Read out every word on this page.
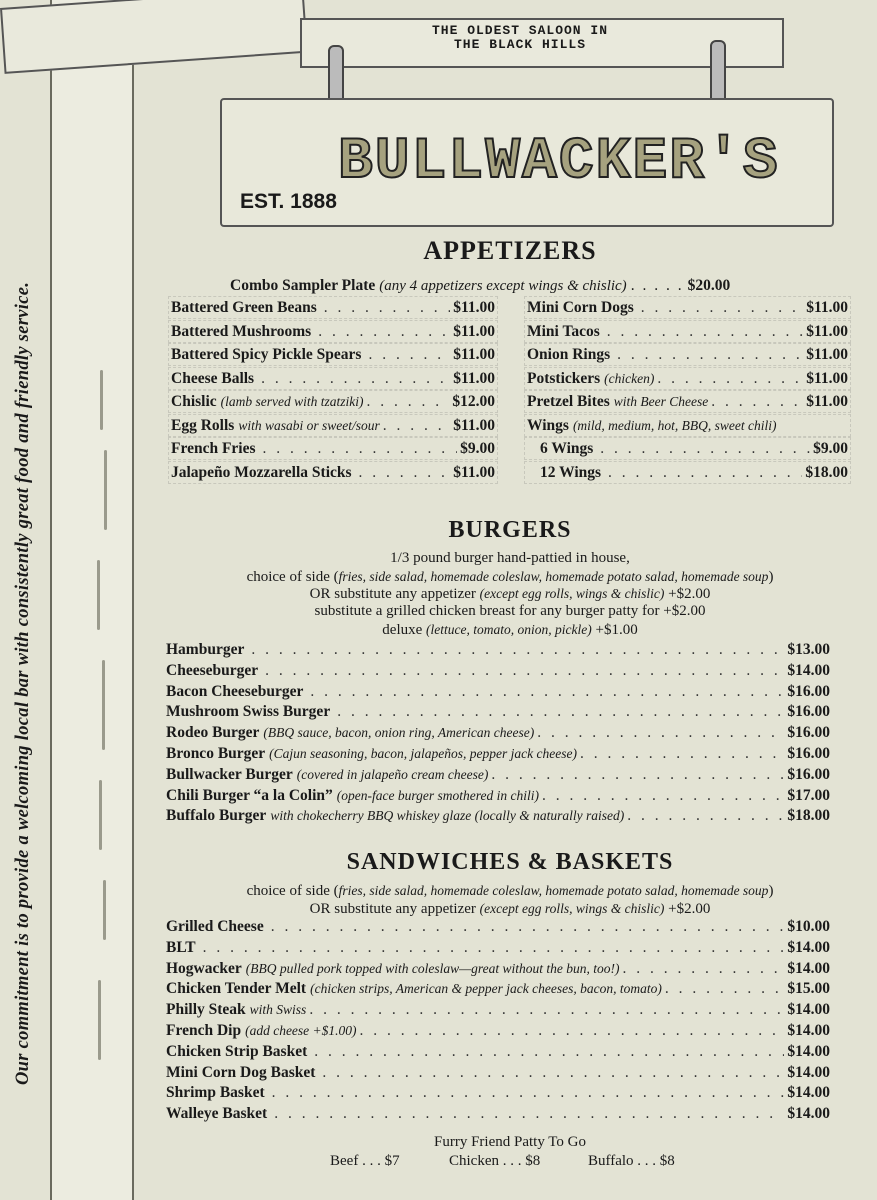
Our commitment is to provide a welcoming local bar with consistently great food and friendly service.
THE OLDEST SALOON IN
THE BLACK HILLS
BULLWACKER'S
EST. 1888
APPETIZERS
Combo Sampler Plate (any 4 appetizers except wings & chislic) . . . . . $20.00
Battered Green Beans . . .	$11.00
Battered Mushrooms . . .	$11.00
Battered Spicy Pickle Spears . . .	$11.00
Cheese Balls . . .	$11.00
Chislic (lamb served with tzatziki) . . .	$12.00
Egg Rolls with wasabi or sweet/sour . . .	$11.00
French Fries . . .	$9.00
Jalapeño Mozzarella Sticks . . .	$11.00
Mini Corn Dogs . . .	$11.00
Mini Tacos . . .	$11.00
Onion Rings . . .	$11.00
Potstickers (chicken) . . .	$11.00
Pretzel Bites with Beer Cheese . . .	$11.00
Wings (mild, medium, hot, BBQ, sweet chili)
6 Wings . . .	$9.00
12 Wings . . .	$18.00
BURGERS
1/3 pound burger hand-pattied in house,
choice of side (fries, side salad, homemade coleslaw, homemade potato salad, homemade soup)
OR substitute any appetizer (except egg rolls, wings & chislic) +$2.00
substitute a grilled chicken breast for any burger patty for +$2.00
deluxe (lettuce, tomato, onion, pickle) +$1.00
Hamburger . . .	$13.00
Cheeseburger . . .	$14.00
Bacon Cheeseburger . . .	$16.00
Mushroom Swiss Burger . . .	$16.00
Rodeo Burger (BBQ sauce, bacon, onion ring, American cheese) . . .	$16.00
Bronco Burger (Cajun seasoning, bacon, jalapeños, pepper jack cheese) . . .	$16.00
Bullwacker Burger (covered in jalapeño cream cheese) . . .	$16.00
Chili Burger “a la Colin” (open-face burger smothered in chili) . . .	$17.00
Buffalo Burger with chokecherry BBQ whiskey glaze (locally & naturally raised) . . .	$18.00
SANDWICHES & BASKETS
choice of side (fries, side salad, homemade coleslaw, homemade potato salad, homemade soup)
OR substitute any appetizer (except egg rolls, wings & chislic) +$2.00
Grilled Cheese . . .	$10.00
BLT . . .	$14.00
Hogwacker (BBQ pulled pork topped with coleslaw—great without the bun, too!) . . .	$14.00
Chicken Tender Melt (chicken strips, American & pepper jack cheeses, bacon, tomato) . . .	$15.00
Philly Steak with Swiss . . .	$14.00
French Dip (add cheese +$1.00) . . .	$14.00
Chicken Strip Basket . . .	$14.00
Mini Corn Dog Basket . . .	$14.00
Shrimp Basket . . .	$14.00
Walleye Basket . . .	$14.00
Furry Friend Patty To Go
Beef . . . $7	Chicken . . . $8	Buffalo . . . $8
